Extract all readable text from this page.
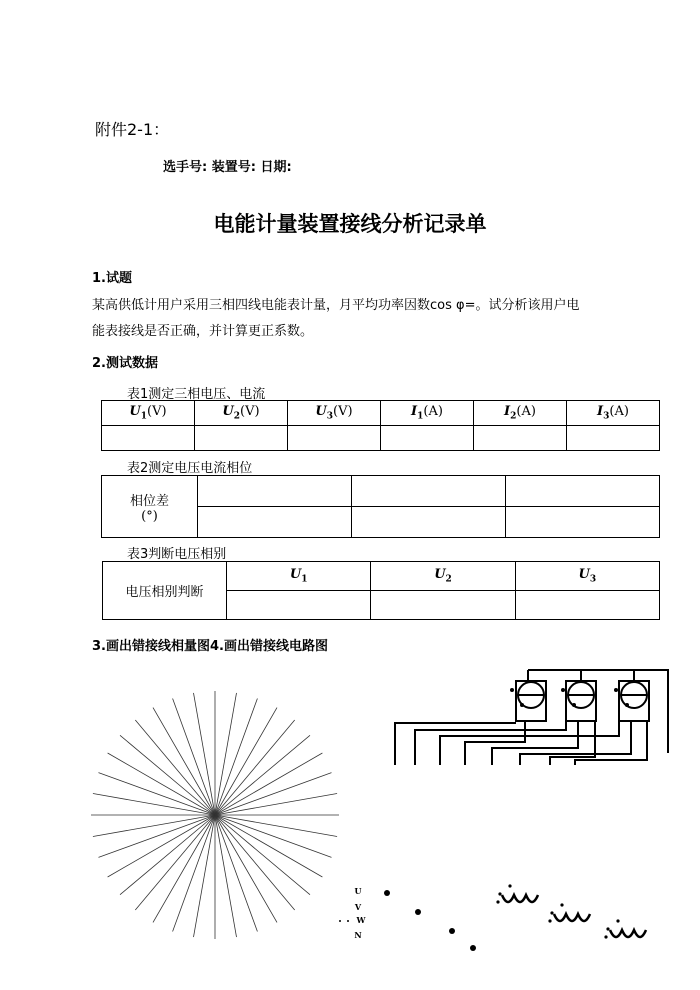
附件2-1：
选手号: 装置号: 日期:
电能计量装置接线分析记录单
1.试题
某高供低计用户采用三相四线电能表计量，月平均功率因数cos φ=。试分析该用户电
能表接线是否正确，并计算更正系数。
2.测试数据
表1测定三相电压、电流
$U_1(V)$	$U_2(V)$	$U_3(V)$	$I_1(A)$	$I_2(A)$	$I_3(A)$

表2测定电压电流相位
相位差
(°)			

表3判断电压相别
电压相别判断	$U_1$	$U_2$	$U_3$

3.画出错接线相量图4.画出错接线电路图
U
V
W
N
